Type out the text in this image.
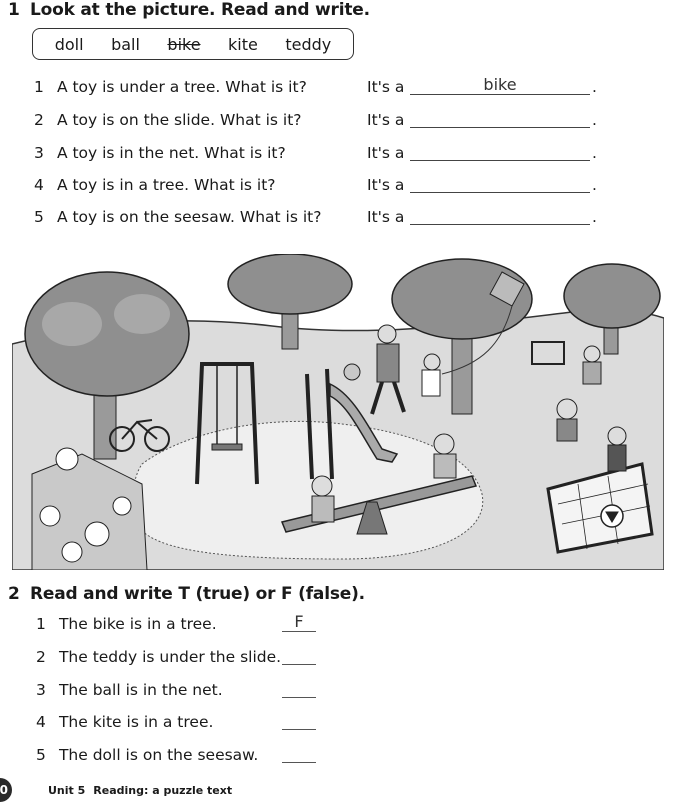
1 Look at the picture. Read and write.
doll ball bike kite teddy
1 A toy is under a tree. What is it?	It's a	bike	.
2 A toy is on the slide. What is it?	It's a	.
3 A toy is in the net. What is it?	It's a	.
4 A toy is in a tree. What is it?	It's a	.
5 A toy is on the seesaw. What is it?	It's a	.
2 Read and write T (true) or F (false).
1 The bike is in a tree.	F
2 The teddy is under the slide.
3 The ball is in the net.
4 The kite is in a tree.
5 The doll is on the seesaw.
0	Unit 5 Reading: a puzzle text
